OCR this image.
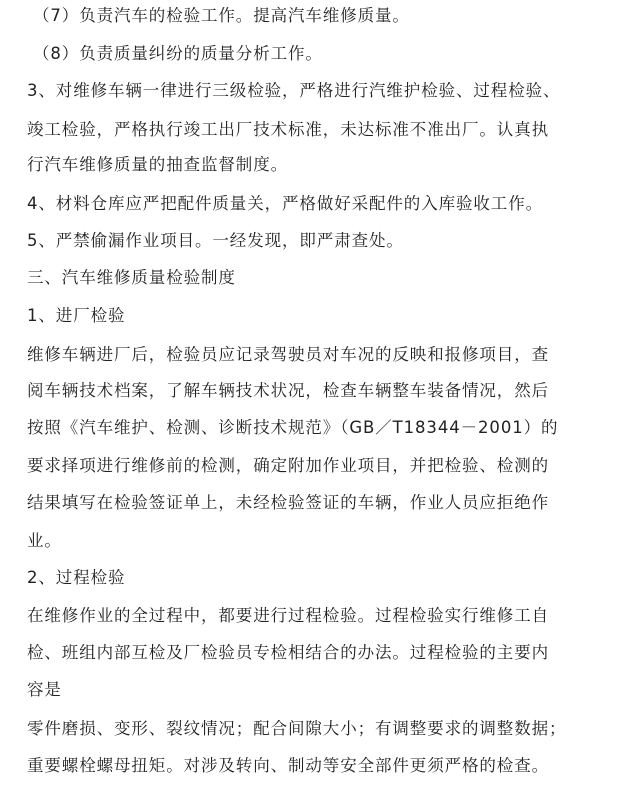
（7）负责汽车的检验工作。提高汽车维修质量。
（8）负责质量纠纷的质量分析工作。
3、对维修车辆一律进行三级检验，严格进行汽维护检验、过程检验、
竣工检验，严格执行竣工出厂技术标准，未达标准不准出厂。认真执
行汽车维修质量的抽查监督制度。
4、材料仓库应严把配件质量关，严格做好采配件的入库验收工作。
5、严禁偷漏作业项目。一经发现，即严肃查处。
三、汽车维修质量检验制度
1、进厂检验
维修车辆进厂后，检验员应记录驾驶员对车况的反映和报修项目，查
阅车辆技术档案，了解车辆技术状况，检查车辆整车装备情况，然后
按照《汽车维护、检测、诊断技术规范》（GB／T18344－2001）的
要求择项进行维修前的检测，确定附加作业项目，并把检验、检测的
结果填写在检验签证单上，未经检验签证的车辆，作业人员应拒绝作
业。
2、过程检验
在维修作业的全过程中，都要进行过程检验。过程检验实行维修工自
检、班组内部互检及厂检验员专检相结合的办法。过程检验的主要内
容是
零件磨损、变形、裂纹情况；配合间隙大小；有调整要求的调整数据；
重要螺栓螺母扭矩。对涉及转向、制动等安全部件更须严格的检查。
